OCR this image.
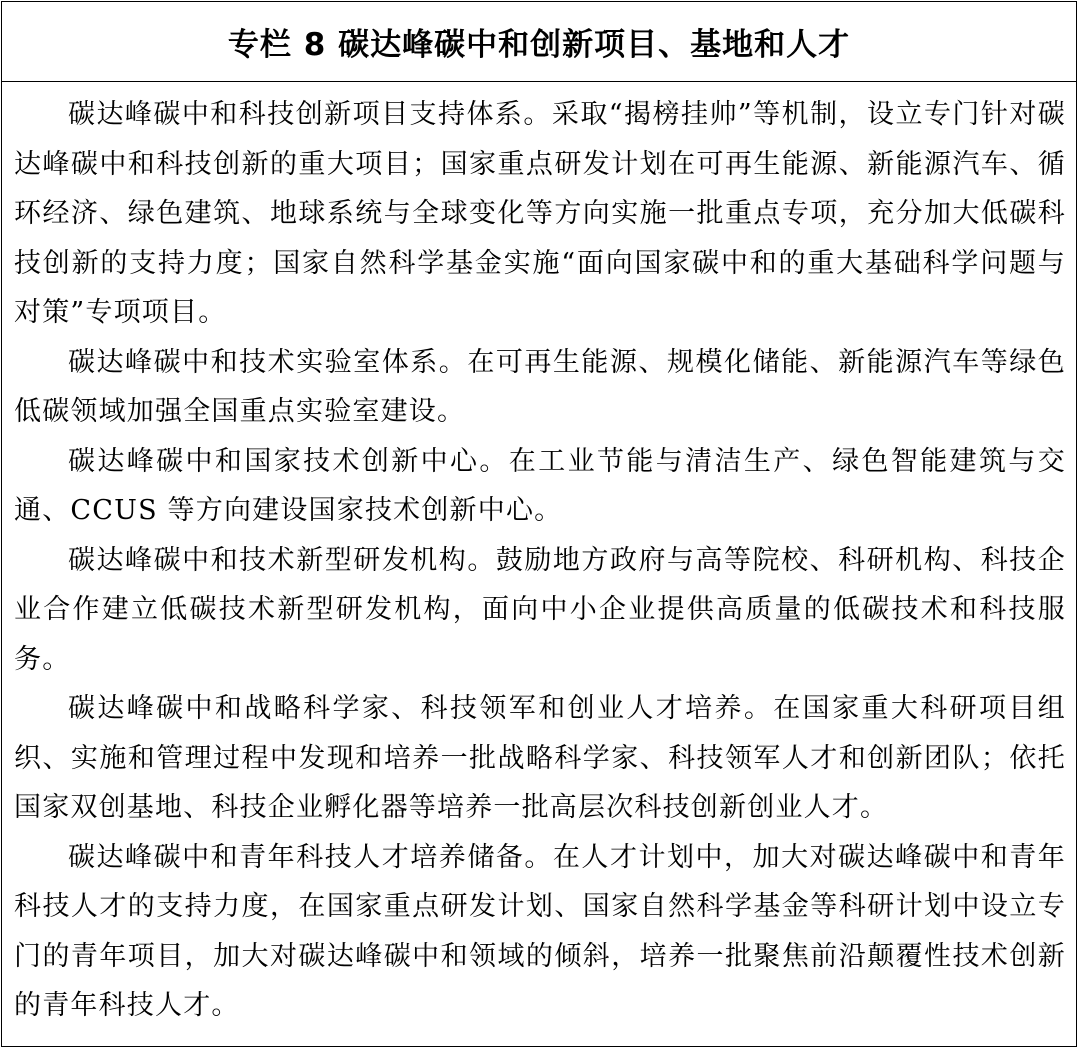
专栏 8 碳达峰碳中和创新项目、基地和人才

碳达峰碳中和科技创新项目支持体系。采取“揭榜挂帅”等机制，设立专门针对碳达峰碳中和科技创新的重大项目；国家重点研发计划在可再生能源、新能源汽车、循环经济、绿色建筑、地球系统与全球变化等方向实施一批重点专项，充分加大低碳科技创新的支持力度；国家自然科学基金实施“面向国家碳中和的重大基础科学问题与对策”专项项目。

碳达峰碳中和技术实验室体系。在可再生能源、规模化储能、新能源汽车等绿色低碳领域加强全国重点实验室建设。

碳达峰碳中和国家技术创新中心。在工业节能与清洁生产、绿色智能建筑与交通、CCUS 等方向建设国家技术创新中心。

碳达峰碳中和技术新型研发机构。鼓励地方政府与高等院校、科研机构、科技企业合作建立低碳技术新型研发机构，面向中小企业提供高质量的低碳技术和科技服务。

碳达峰碳中和战略科学家、科技领军和创业人才培养。在国家重大科研项目组织、实施和管理过程中发现和培养一批战略科学家、科技领军人才和创新团队；依托国家双创基地、科技企业孵化器等培养一批高层次科技创新创业人才。

碳达峰碳中和青年科技人才培养储备。在人才计划中，加大对碳达峰碳中和青年科技人才的支持力度，在国家重点研发计划、国家自然科学基金等科研计划中设立专门的青年项目，加大对碳达峰碳中和领域的倾斜，培养一批聚焦前沿颠覆性技术创新的青年科技人才。
